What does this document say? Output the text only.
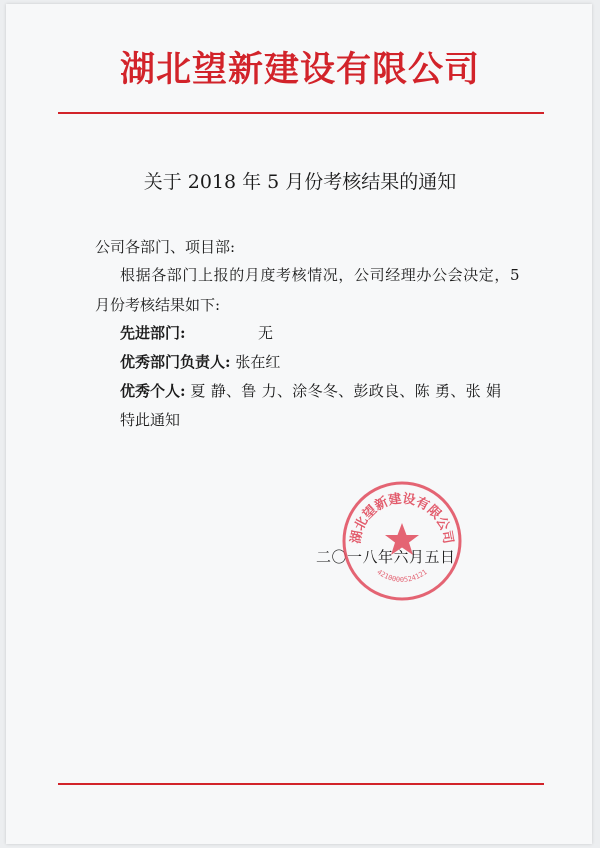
湖北望新建设有限公司
关于 2018 年 5 月份考核结果的通知
公司各部门、项目部:
根据各部门上报的月度考核情况，公司经理办公会决定，5
月份考核结果如下:
先进部门:	无
优秀部门负责人: 张在红
优秀个人: 夏 静、鲁 力、涂冬冬、彭政良、陈 勇、张 娟
特此通知
二〇一八年六月五日
湖北望新建设有限公司
4210000524121
